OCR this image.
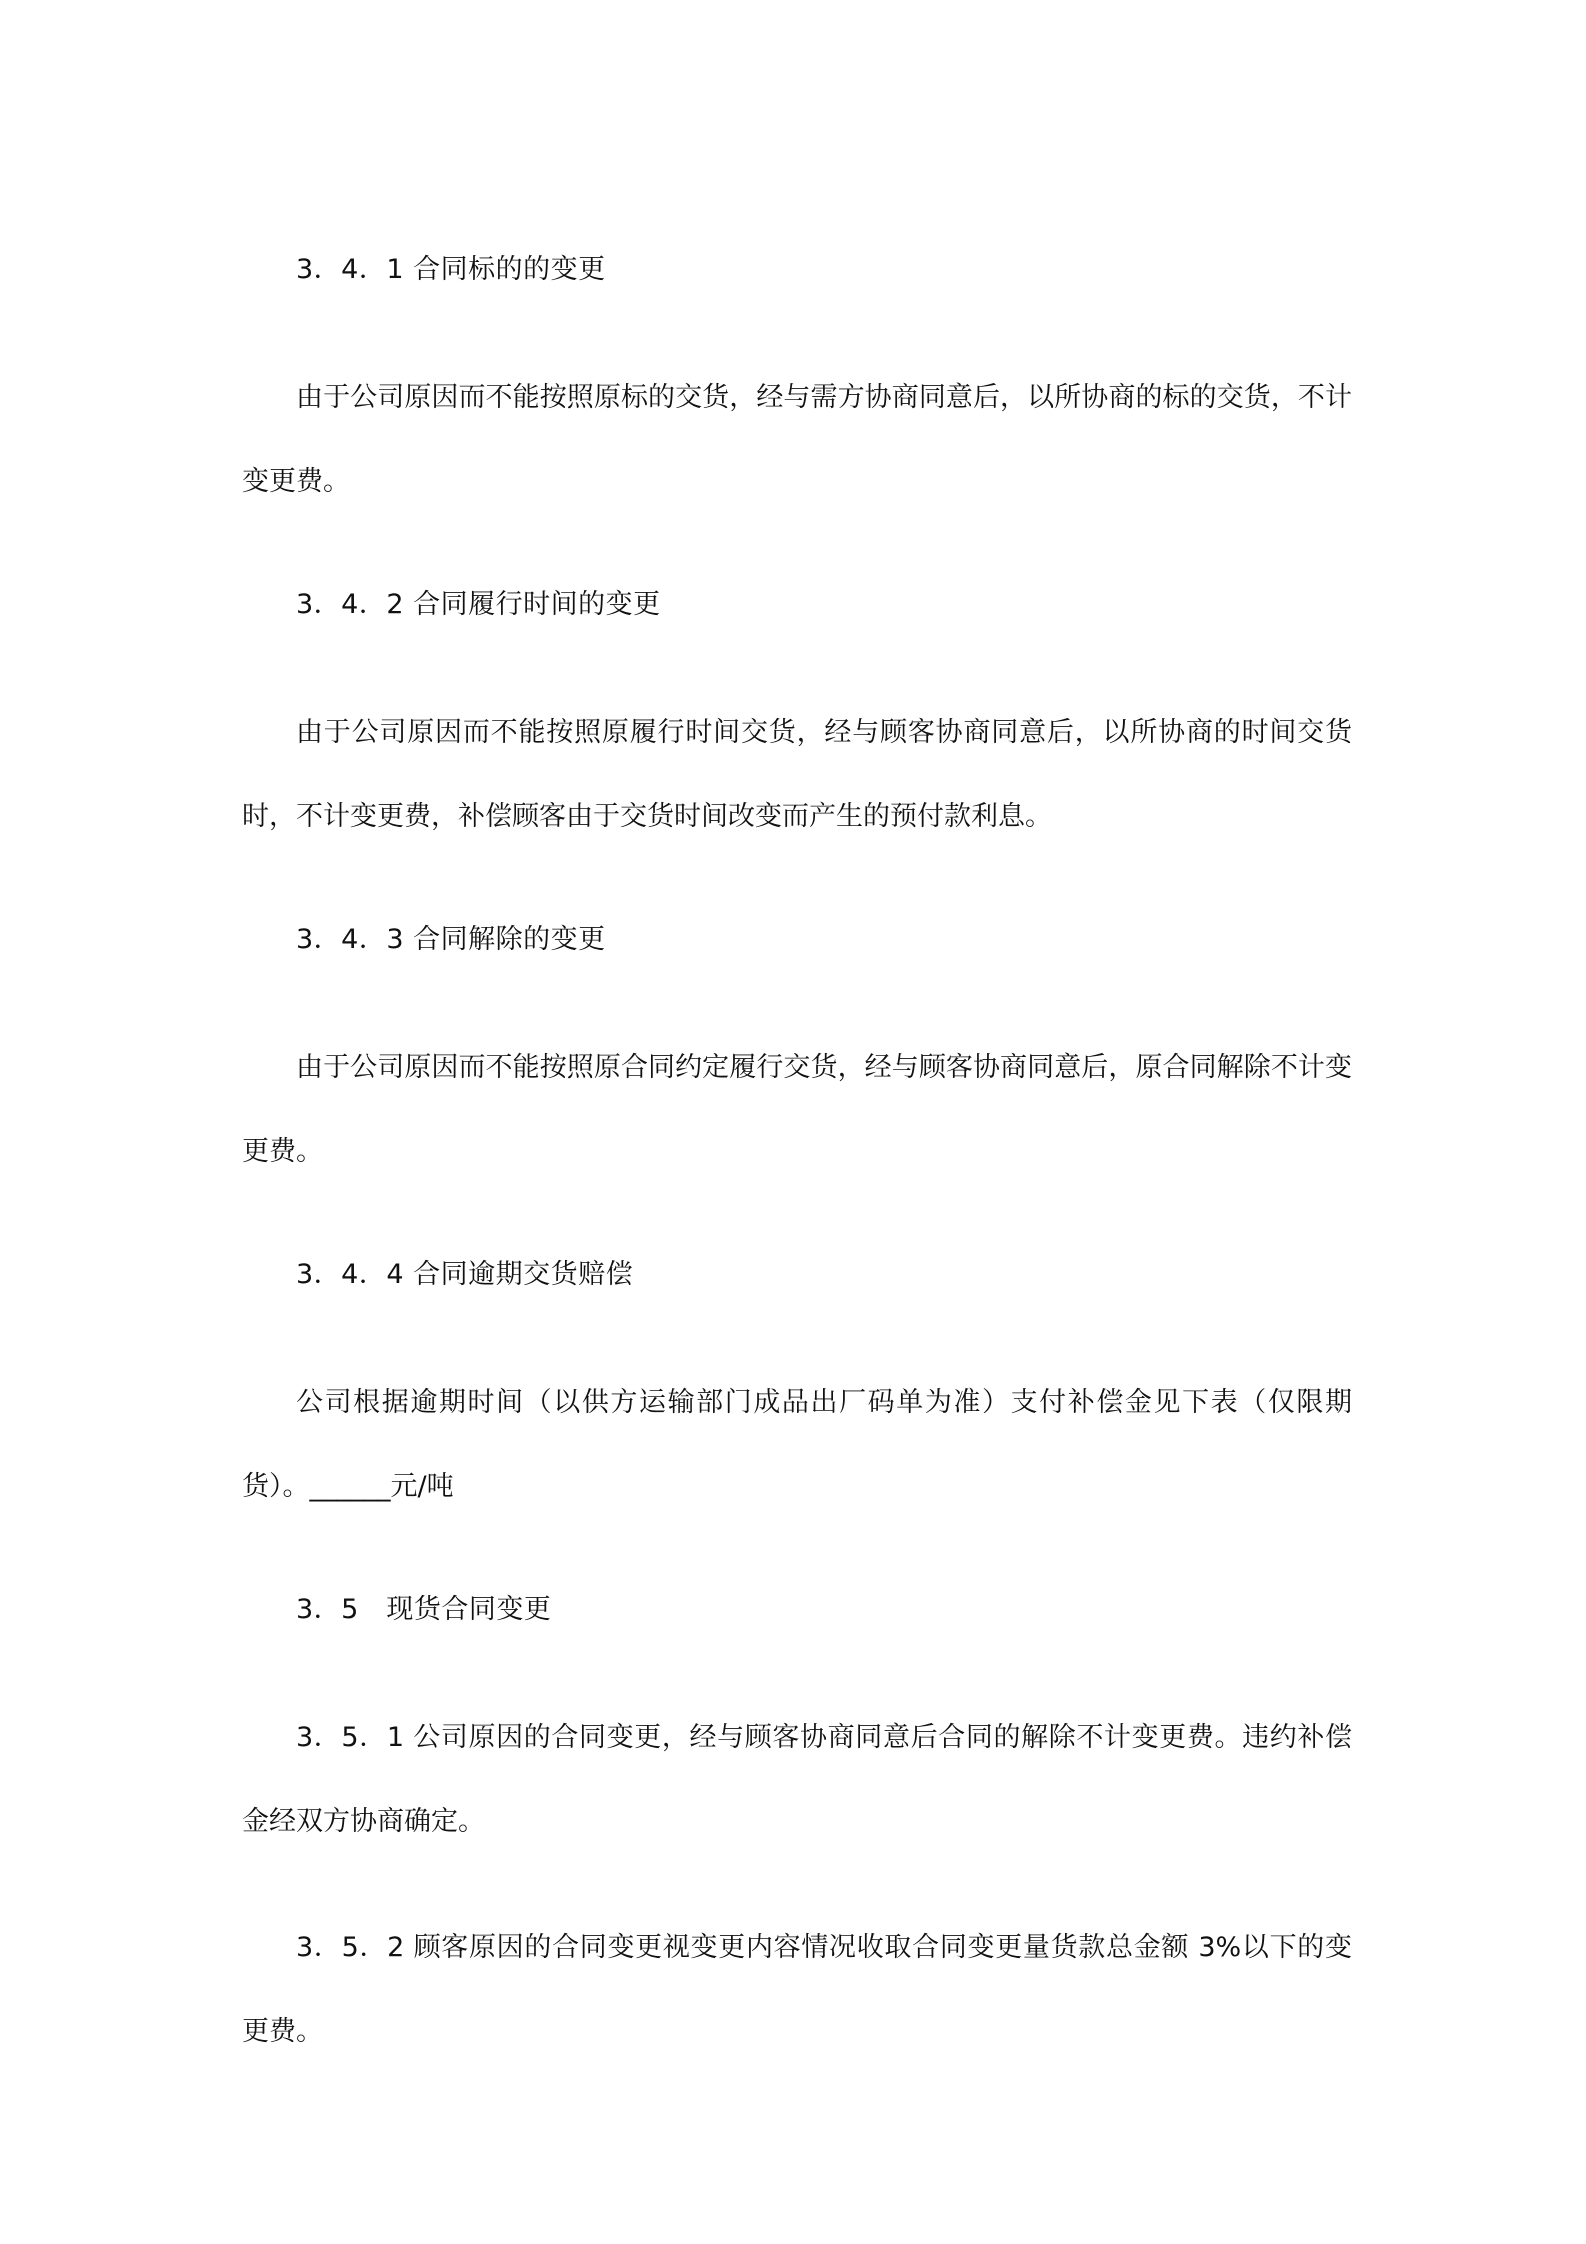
3．4．1 合同标的的变更

由于公司原因而不能按照原标的交货，经与需方协商同意后，以所协商的标的交货，不计变更费。

3．4．2 合同履行时间的变更

由于公司原因而不能按照原履行时间交货，经与顾客协商同意后，以所协商的时间交货时，不计变更费，补偿顾客由于交货时间改变而产生的预付款利息。

3．4．3 合同解除的变更

由于公司原因而不能按照原合同约定履行交货，经与顾客协商同意后，原合同解除不计变更费。

3．4．4 合同逾期交货赔偿

公司根据逾期时间（以供方运输部门成品出厂码单为准）支付补偿金见下表（仅限期货）。______元/吨

3．5　现货合同变更

3．5．1 公司原因的合同变更，经与顾客协商同意后合同的解除不计变更费。违约补偿金经双方协商确定。

3．5．2 顾客原因的合同变更视变更内容情况收取合同变更量货款总金额 3%以下的变更费。
